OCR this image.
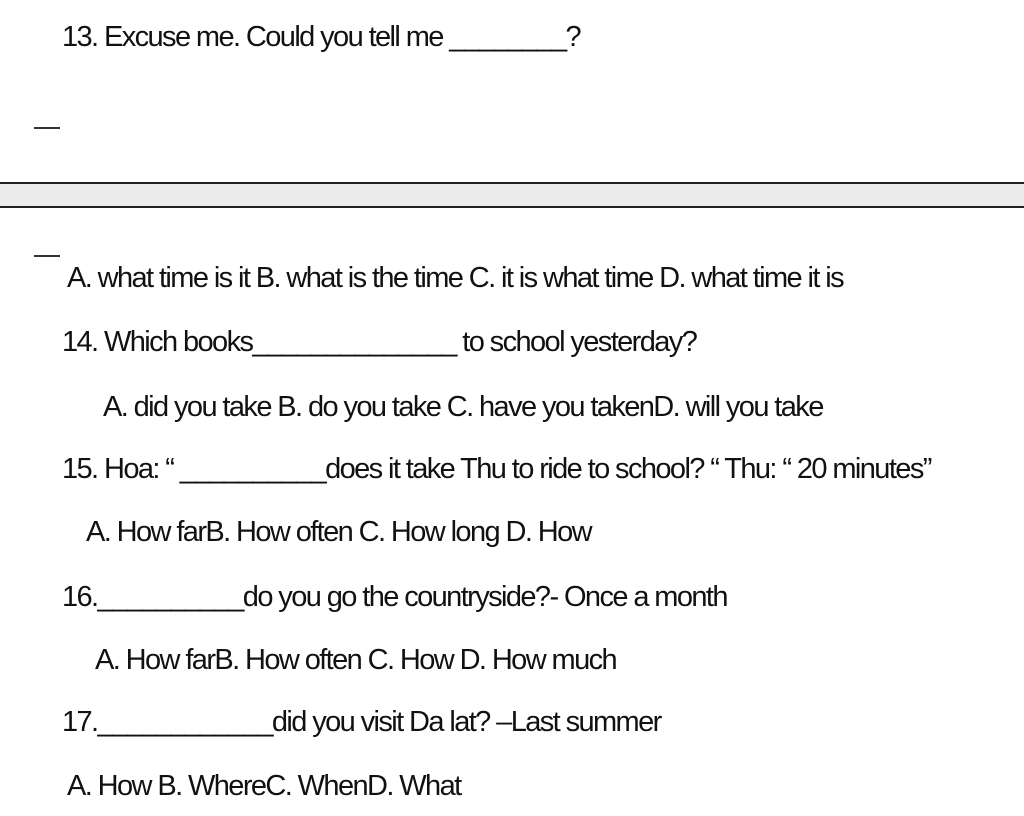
13. Excuse me. Could you tell me ________?
A. what time is it B. what is the time C. it is what time D. what time it is
14. Which books______________ to school yesterday?
A. did you take B. do you take C. have you takenD. will you take
15. Hoa: “ __________does it take Thu to ride to school? “ Thu: “ 20 minutes”
A. How farB. How often C. How long D. How
16.__________do you go the countryside?- Once a month
A. How farB. How often C. How D. How much
17.____________did you visit Da lat? –Last summer
A. How B. WhereC. WhenD. What
